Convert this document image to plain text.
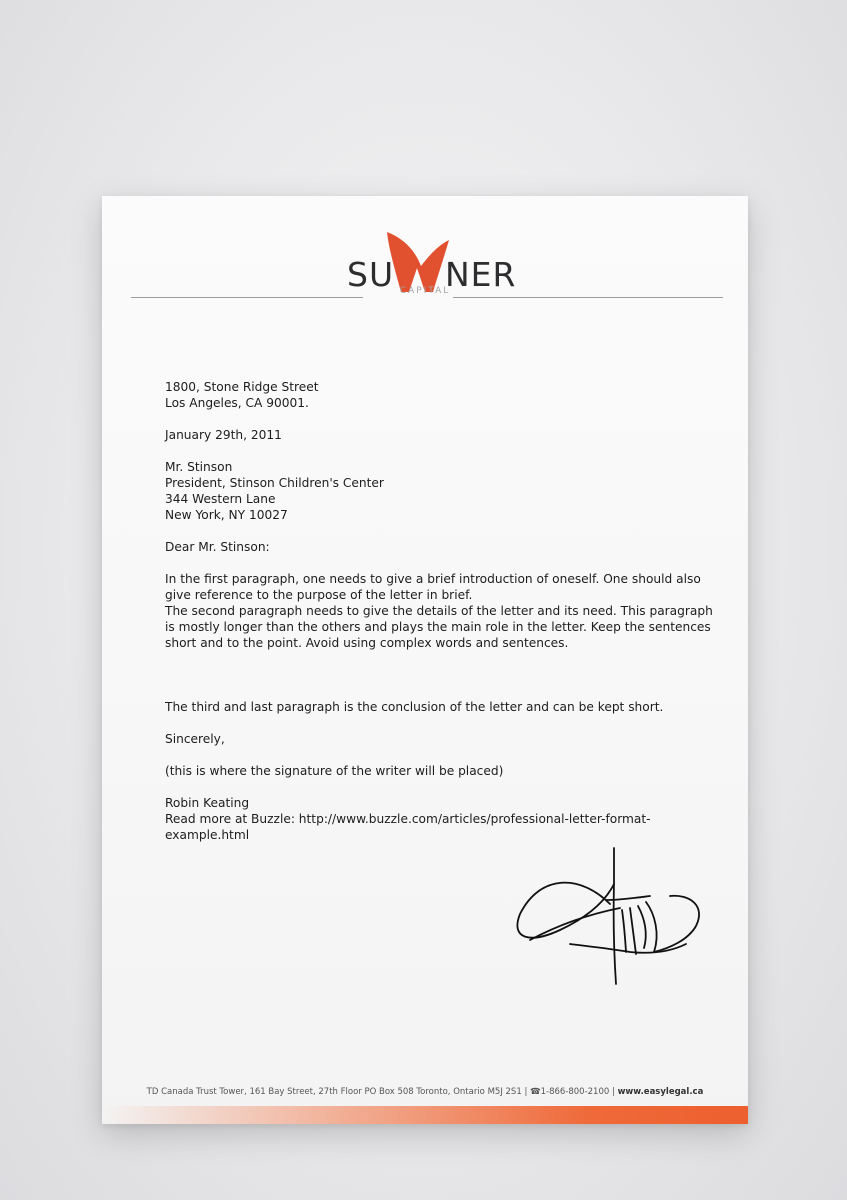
SU NER
CAPITAL

1800, Stone Ridge Street

Los Angeles, CA 90001.

January 29th, 2011

Mr. Stinson

President, Stinson Children's Center

344 Western Lane

New York, NY 10027

Dear Mr. Stinson:

In the first paragraph, one needs to give a brief introduction of oneself. One should also give reference to the purpose of the letter in brief.

The second paragraph needs to give the details of the letter and its need. This paragraph is mostly longer than the others and plays the main role in the letter. Keep the sentences short and to the point. Avoid using complex words and sentences.

The third and last paragraph is the conclusion of the letter and can be kept short.

Sincerely,

(this is where the signature of the writer will be placed)

Robin Keating

Read more at Buzzle: http://www.buzzle.com/articles/professional-letter-format-example.html

TD Canada Trust Tower, 161 Bay Street, 27th Floor PO Box 508 Toronto, Ontario M5J 2S1 | ☎1-866-800-2100 | www.easylegal.ca
